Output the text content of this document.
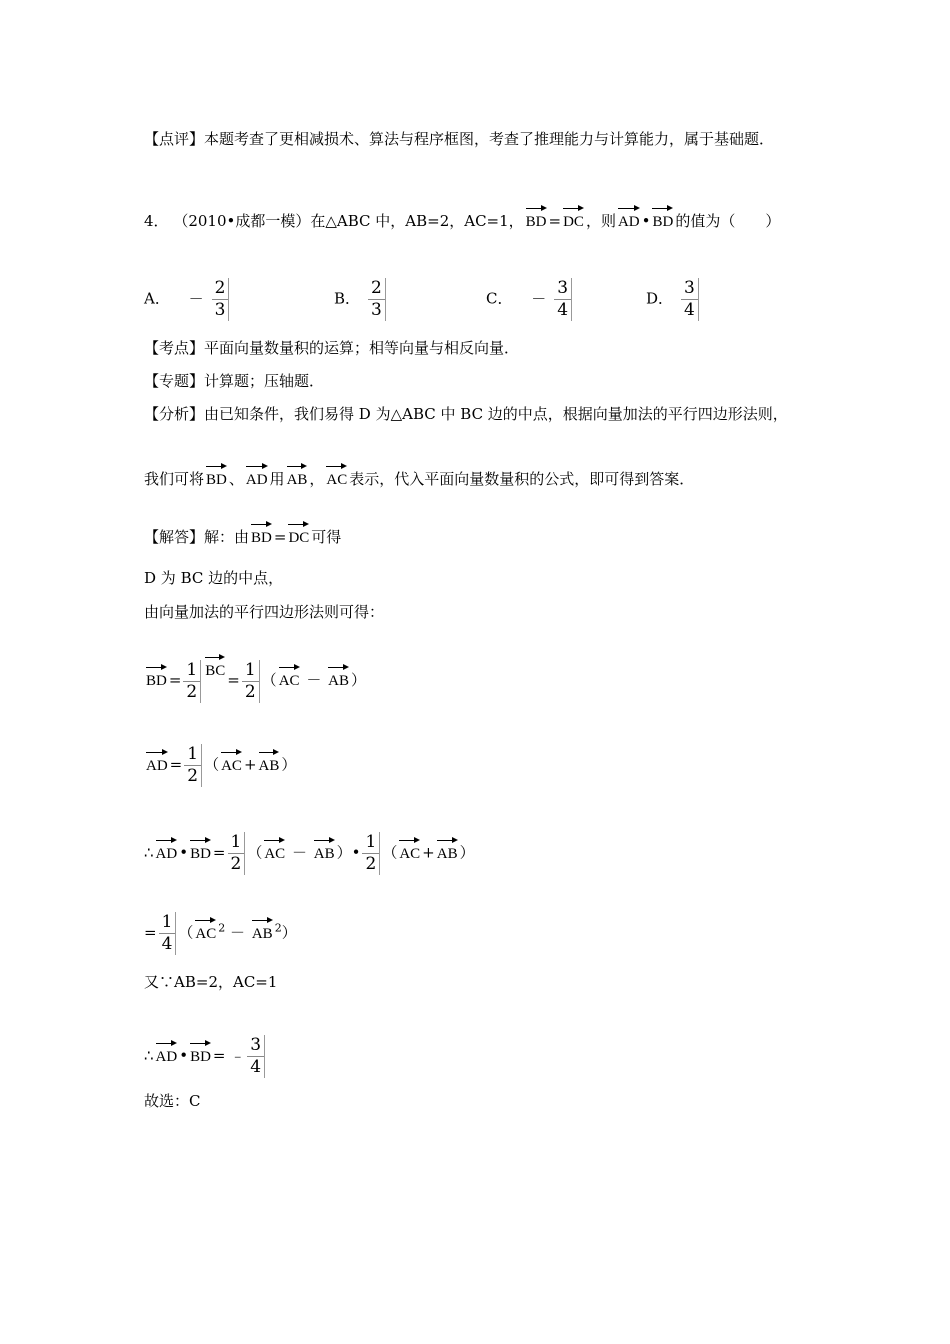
【点评】本题考查了更相减损术、算法与程序框图，考查了推理能力与计算能力，属于基础题．
4． （2010•成都一模）在△ABC 中，AB=2，AC=1， BD = DC ，则 AD • BD 的值为（　　）
A． － $\frac{2}{3}$	B． $\frac{2}{3}$	C． － $\frac{3}{4}$	D． $\frac{3}{4}$
【考点】平面向量数量积的运算；相等向量与相反向量．
【专题】计算题；压轴题．
【分析】由已知条件，我们易得 D 为△ABC 中 BC 边的中点，根据向量加法的平行四边形法则，
我们可将 BD 、 AD 用 AB ， AC 表示，代入平面向量数量积的公式，即可得到答案．
【解答】解：由 BD = DC 可得
D 为 BC 边的中点，
由向量加法的平行四边形法则可得：
BD = $\frac{1}{2}$ BC = $\frac{1}{2}$ （ AC － AB ）
AD = $\frac{1}{2}$ （ AC + AB ）
∴ AD • BD = $\frac{1}{2}$ （ AC － AB ）• $\frac{1}{2}$ （ AC + AB ）
= $\frac{1}{4}$ （ AC $^2$ － AB $^2$）
又∵AB=2，AC=1
∴ AD • BD = ﹣ $\frac{3}{4}$
故选：C
